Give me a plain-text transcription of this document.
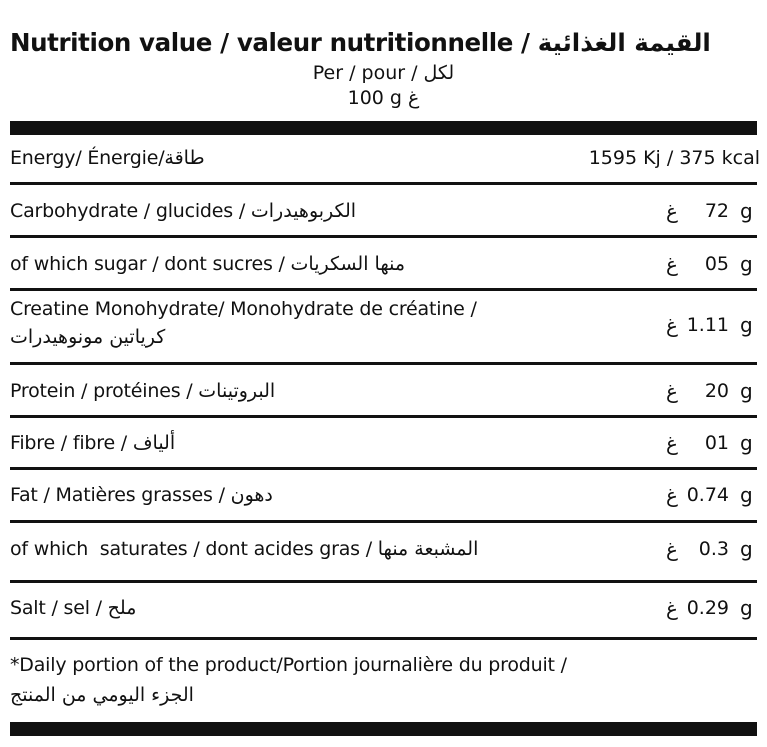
Nutrition value / valeur nutritionnelle / القيمة الغذائية
Per / pour / لكل
100 g غ
Energy/ Énergie/طاقة	1595 Kj / 375 kcal
Carbohydrate / glucides / الكربوهيدرات	غ 72 g
of which sugar / dont sucres / منها السكريات	غ 05 g
Creatine Monohydrate/ Monohydrate de créatine /
كرياتين مونوهيدرات	غ 1.11 g
Protein / protéines / البروتينات	غ 20 g
Fibre / fibre / ألياف	غ 01 g
Fat / Matières grasses / دهون	غ 0.74 g
of which  saturates / dont acides gras / المشبعة منها	غ 0.3 g
Salt / sel / ملح	غ 0.29 g
*Daily portion of the product/Portion journalière du produit /
الجزء اليومي من المنتج
